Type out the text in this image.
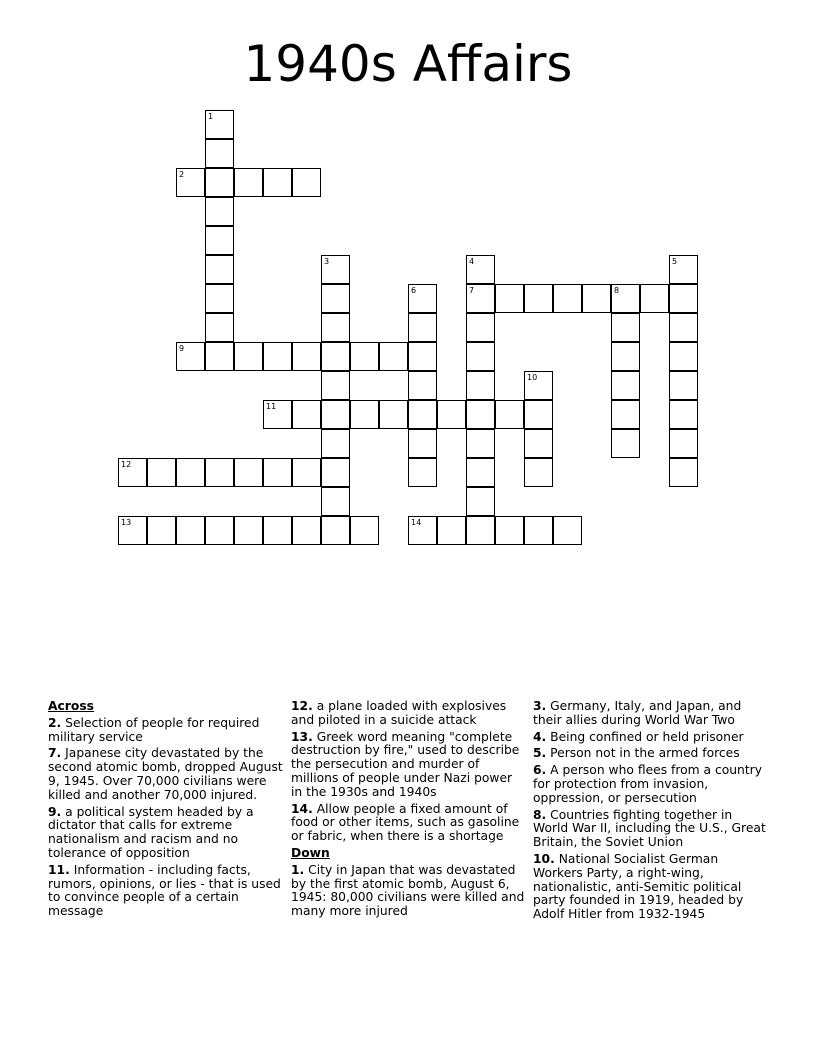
1940s Affairs
1
2
3	4
7
5
6	8
9
10
11
12
13	14
Across
2. Selection of people for required military service
7. Japanese city devastated by the second atomic bomb, dropped August 9, 1945. Over 70,000 civilians were killed and another 70,000 injured.
9. a political system headed by a dictator that calls for extreme nationalism and racism and no tolerance of opposition
11. Information - including facts, rumors, opinions, or lies - that is used to convince people of a certain message
12. a plane loaded with explosives and piloted in a suicide attack
13. Greek word meaning "complete destruction by fire," used to describe the persecution and murder of millions of people under Nazi power in the 1930s and 1940s
14. Allow people a fixed amount of food or other items, such as gasoline or fabric, when there is a shortage
Down
1. City in Japan that was devastated by the first atomic bomb, August 6, 1945: 80,000 civilians were killed and many more injured
3. Germany, Italy, and Japan, and their allies during World War Two
4. Being confined or held prisoner
5. Person not in the armed forces
6. A person who flees from a country for protection from invasion, oppression, or persecution
8. Countries fighting together in World War II, including the U.S., Great Britain, the Soviet Union
10. National Socialist German Workers Party, a right-wing, nationalistic, anti-Semitic political party founded in 1919, headed by Adolf Hitler from 1932-1945
